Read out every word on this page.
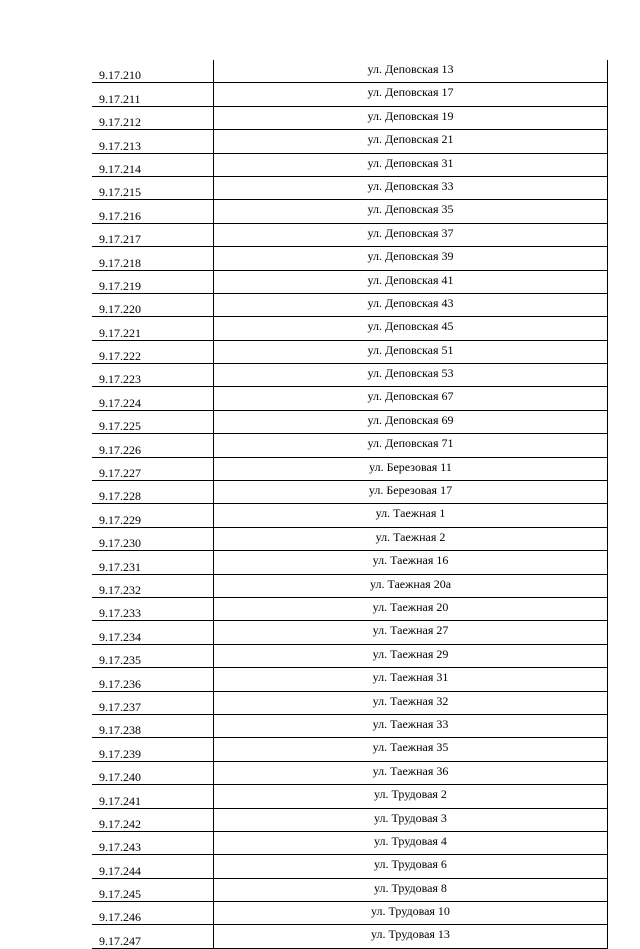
9.17.210	ул. Деповская 13
9.17.211	ул. Деповская 17
9.17.212	ул. Деповская 19
9.17.213	ул. Деповская 21
9.17.214	ул. Деповская 31
9.17.215	ул. Деповская 33
9.17.216	ул. Деповская 35
9.17.217	ул. Деповская 37
9.17.218	ул. Деповская 39
9.17.219	ул. Деповская 41
9.17.220	ул. Деповская 43
9.17.221	ул. Деповская 45
9.17.222	ул. Деповская 51
9.17.223	ул. Деповская 53
9.17.224	ул. Деповская 67
9.17.225	ул. Деповская 69
9.17.226	ул. Деповская 71
9.17.227	ул. Березовая 11
9.17.228	ул. Березовая 17
9.17.229	ул. Таежная 1
9.17.230	ул. Таежная 2
9.17.231	ул. Таежная 16
9.17.232	ул. Таежная 20а
9.17.233	ул. Таежная 20
9.17.234	ул. Таежная 27
9.17.235	ул. Таежная 29
9.17.236	ул. Таежная 31
9.17.237	ул. Таежная 32
9.17.238	ул. Таежная 33
9.17.239	ул. Таежная 35
9.17.240	ул. Таежная 36
9.17.241	ул. Трудовая 2
9.17.242	ул. Трудовая 3
9.17.243	ул. Трудовая 4
9.17.244	ул. Трудовая 6
9.17.245	ул. Трудовая 8
9.17.246	ул. Трудовая 10
9.17.247	ул. Трудовая 13
